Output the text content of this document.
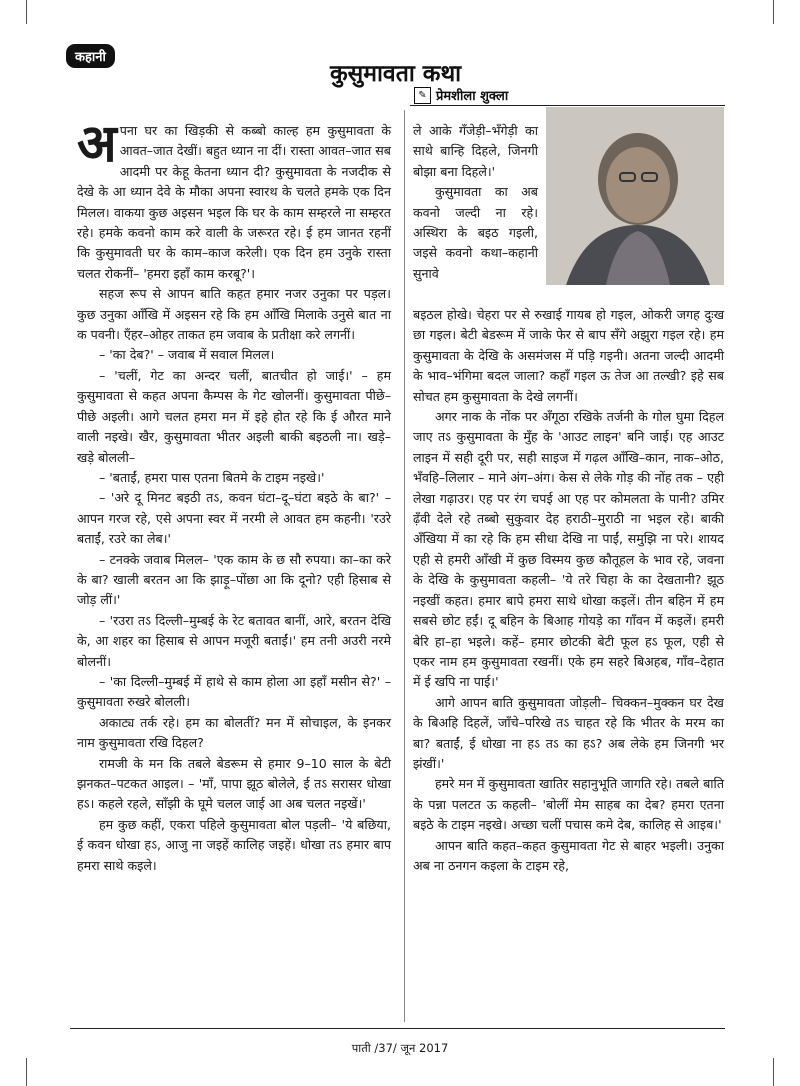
कहानी
कुसुमावता कथा
✎ प्रेमशीला शुक्ला

अपना घर का खिड़की से कब्बो काल्ह हम कुसुमावता के आवत–जात देखीं। बहुत ध्यान ना दीं। रास्ता आवत–जात सब आदमी पर केहू केतना ध्यान दी? कुसुमावता के नजदीक से देखे के आ ध्यान देवे के मौका अपना स्वारथ के चलते हमके एक दिन मिलल। वाकया कुछ अइसन भइल कि घर के काम सम्हरले ना सम्हरत रहे। हमके कवनो काम करे वाली के जरूरत रहे। ई हम जानत रहनीं कि कुसुमावती घर के काम–काज करेली। एक दिन हम उनुके रास्ता चलत रोकनीं– 'हमरा इहाँ काम करबू?'।

सहज रूप से आपन बाति कहत हमार नजर उनुका पर पड़ल। कुछ उनुका आँखि में अइसन रहे कि हम आँखि मिलाके उनुसे बात ना क पवनी। एँहर–ओहर ताकत हम जवाब के प्रतीक्षा करे लगनीं।

– 'का देब?' – जवाब में सवाल मिलल।

– 'चलीं, गेट का अन्दर चलीं, बातचीत हो जाई।' – हम कुसुमावता से कहत अपना कैम्पस के गेट खोलनीं। कुसुमावता पीछे–पीछे अइली। आगे चलत हमरा मन में इहे होत रहे कि ई औरत माने वाली नइखे। खैर, कुसुमावता भीतर अइली बाकी बइठली ना। खड़े–खड़े बोलली–

– 'बताईं, हमरा पास एतना बितमे के टाइम नइखे।'

– 'अरे दू मिनट बइठी तऽ, कवन घंटा–दू–घंटा बइठे के बा?' – आपन गरज रहे, एसे अपना स्वर में नरमी ले आवत हम कहनी। 'रउरे बताईं, रउरे का लेब।'

– टनक्के जवाब मिलल– 'एक काम के छ सौ रुपया। का–का करे के बा? खाली बरतन आ कि झाड़ू–पोंछा आ कि दूनो? एही हिसाब से जोड़ लीं।'

– 'रउरा तऽ दिल्ली–मुम्बई के रेट बतावत बानीं, आरे, बरतन देखि के, आ शहर का हिसाब से आपन मजूरी बताईं।' हम तनी अउरी नरमे बोलनीं।

– 'का दिल्ली–मुम्बई में हाथे से काम होला आ इहाँ मसीन से?' – कुसुमावता रुखरे बोलली।

अकाट्य तर्क रहे। हम का बोलतीं? मन में सोचाइल, के इनकर नाम कुसुमावता रखि दिहल?

रामजी के मन कि तबले बेडरूम से हमार 9–10 साल के बेटी झनकत–पटकत आइल। – 'माँ, पापा झूठ बोलेले, ई तऽ सरासर धोखा हऽ। कहले रहले, साँझी के घूमे चलल जाई आ अब चलत नइखें।'

हम कुछ कहीं, एकरा पहिले कुसुमावता बोल पड़ली– 'ये बछिया, ई कवन धोखा हऽ, आजु ना जइहें कालिह जइहें। धोखा तऽ हमार बाप हमरा साथे कइले।

ले आके गँजेड़ी–भँगेड़ी का साथे बान्हि दिहले, जिनगी बोझा बना दिहले।'

कुसुमावता का अब कवनो जल्दी ना रहे। अस्थिरा के बइठ गइली, जइसे कवनो कथा–कहानी सुनावे

बइठल होखे। चेहरा पर से रुखाई गायब हो गइल, ओकरी जगह दुःख छा गइल। बेटी बेडरूम में जाके फेर से बाप सँगे अझुरा गइल रहे। हम कुसुमावता के देखि के असमंजस में पड़ि गइनी। अतना जल्दी आदमी के भाव–भंगिमा बदल जाला? कहाँ गइल ऊ तेज आ तल्खी? इहे सब सोचत हम कुसुमावता के देखे लगनीं।

अगर नाक के नोंक पर अँगूठा रखिके तर्जनी के गोल घुमा दिहल जाए तऽ कुसुमावता के मुँह के 'आउट लाइन' बनि जाई। एह आउट लाइन में सही दूरी पर, सही साइज में गढ़ल आँखि–कान, नाक–ओठ, भँवहि–लिलार – माने अंग–अंग। केस से लेके गोड़ की नोंह तक – एही लेखा गढ़ाउर। एह पर रंग चपई आ एह पर कोमलता के पानी? उमिर ढ़ँवी देले रहे तब्बो सुकुवार देह हराठी–मुराठी ना भइल रहे। बाकी अँखिया में का रहे कि हम सीधा देखि ना पाईं, समुझि ना परे। शायद एही से हमरी आँखी में कुछ विस्मय कुछ कौतूहल के भाव रहे, जवना के देखि के कुसुमावता कहली– 'ये तरे चिहा के का देखतानी? झूठ नइखीं कहत। हमार बापे हमरा साथे धोखा कइलें। तीन बहिन में हम सबसे छोट हईं। दू बहिन के बिआह गोयड़े का गाँवन में कइलें। हमरी बेरि हा–हा भइले। कहें– हमार छोटकी बेटी फूल हऽ फूल, एही से एकर नाम हम कुसुमावता रखनीं। एके हम सहरे बिअहब, गाँव–देहात में ई खपि ना पाई।'

आगे आपन बाति कुसुमावता जोड़ली– चिक्कन–मुक्कन घर देख के बिअहि दिहलें, जाँचे–परिखे तऽ चाहत रहे कि भीतर के मरम का बा? बताईं, ई धोखा ना हऽ तऽ का हऽ? अब लेके हम जिनगी भर झंखीं।'

हमरे मन में कुसुमावता खातिर सहानुभूति जागति रहे। तबले बाति के पन्ना पलटत ऊ कहली– 'बोलीं मेम साहब का देब? हमरा एतना बइठे के टाइम नइखे। अच्छा चलीं पचास कमे देब, कालिह से आइब।'

आपन बाति कहत–कहत कुसुमावता गेट से बाहर भइली। उनुका अब ना ठनगन कइला के टाइम रहे,

पाती /37/ जून 2017
